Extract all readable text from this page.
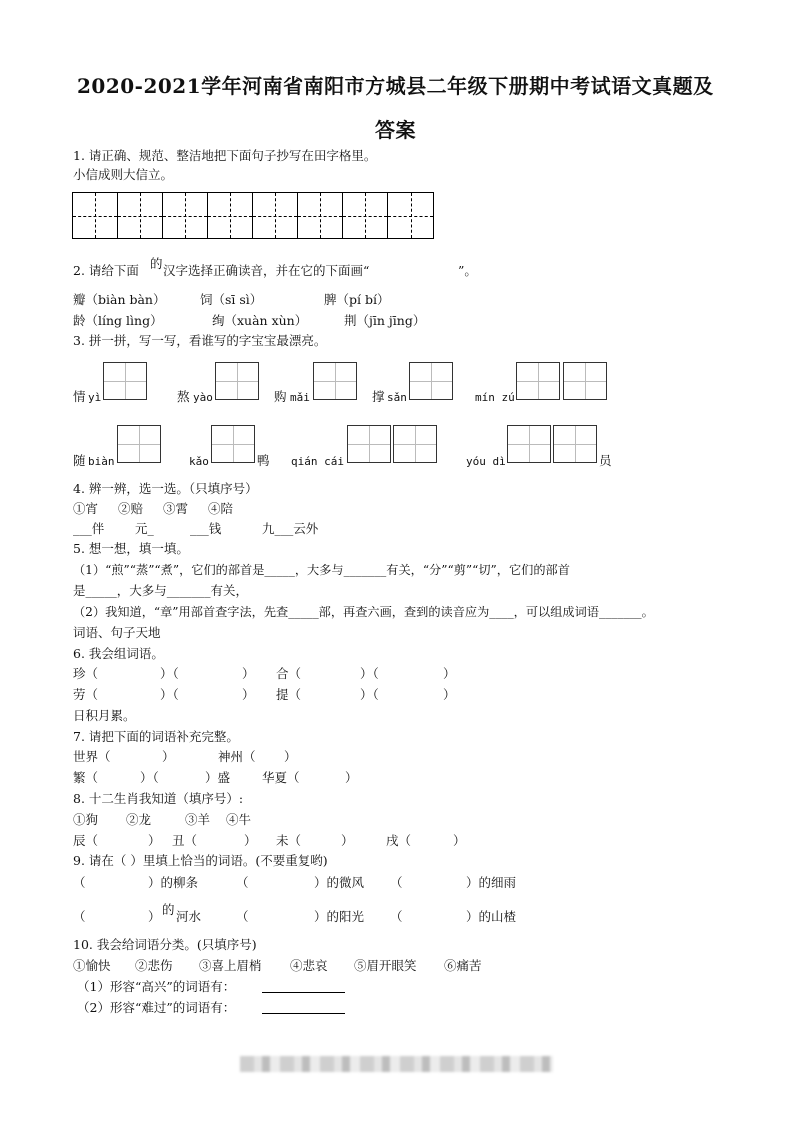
2020-2021学年河南省南阳市方城县二年级下册期中考试语文真题及
答案
1. 请正确、规范、整洁地把下面句子抄写在田字格里。
小信成则大信立。
2. 请给下面 的 汉字选择正确读音，并在它的下面画“	”。
瓣（biàn bàn）	饲（sī sì）	脾（pí bí）
龄（líng lìng）	绚（xuàn xùn）	荆（jīn jīng）
3. 拼一拼，写一写，看谁写的字宝宝最漂亮。
情 yì	熬 yào	购 mǎi	撑 sǎn	mín zú
随 biàn	kǎo	鸭 qián cái	yóu dì	员
4. 辨一辨，选一选。（只填序号）
①宵 ②赔 ③霄 ④陪
___伴 元_	___钱	九___云外
5. 想一想，填一填。
（1）“煎”“蒸”“煮”，它们的部首是_____，大多与_______有关，“分”“剪”“切”，它们的部首
是_____，大多与_______有关，
（2）我知道，“章”用部首查字法，先查_____部，再查六画，查到的读音应为____，可以组成词语_______。
词语、句子天地
6. 我会组词语。
珍（	）（	） 合（	）（	）
劳（	）（	） 提（	）（	）
日积月累。
7. 请把下面的词语补充完整。
世界（	）	神州（ ）
繁（	）（	）盛	华夏（	）
8. 十二生肖我知道（填序号）:
①狗 ②龙	③羊 ④牛
辰（	） 丑（	） 未（	）	戌（	）
9. 请在（ ）里填上恰当的词语。(不要重复哟)
（	）的柳条	（	）的微风 （	）的细雨
（	） 的 河水	（	）的阳光 （	）的山楂
10. 我会给词语分类。(只填序号)
①愉快 ②悲伤 ③喜上眉梢 ④悲哀 ⑤眉开眼笑 ⑥痛苦
（1）形容“高兴”的词语有：
（2）形容“难过”的词语有：
